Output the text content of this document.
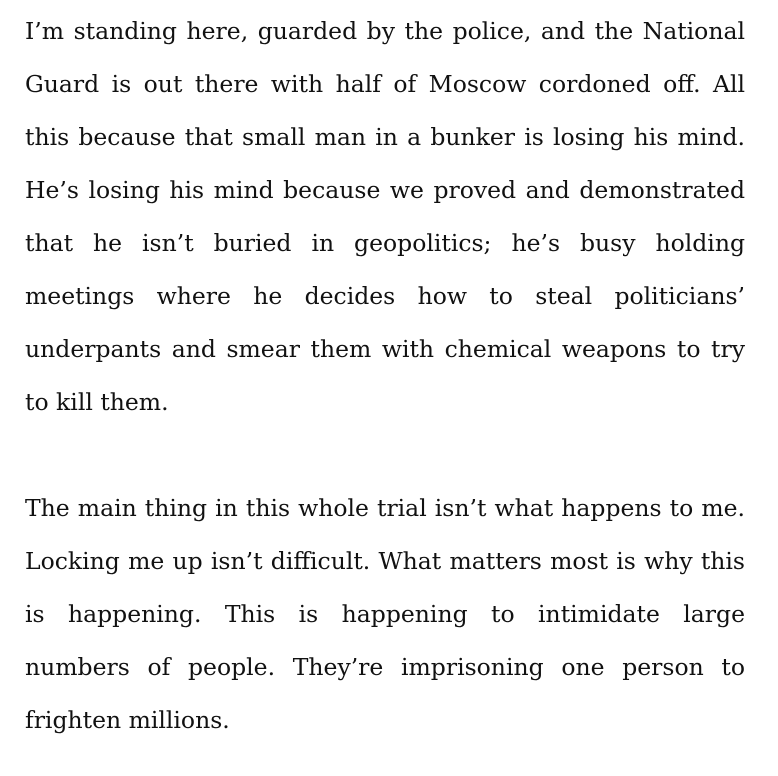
I’m standing here, guarded by the police, and the National Guard is out there with half of Moscow cordoned off. All this because that small man in a bunker is losing his mind. He’s losing his mind because we proved and demonstrated that he isn’t buried in geopolitics; he’s busy holding meetings where he decides how to steal politicians’ underpants and smear them with chemical weapons to try to kill them.

The main thing in this whole trial isn’t what happens to me. Locking me up isn’t difficult. What matters most is why this is happening. This is happening to intimidate large numbers of people. They’re imprisoning one person to frighten millions.
